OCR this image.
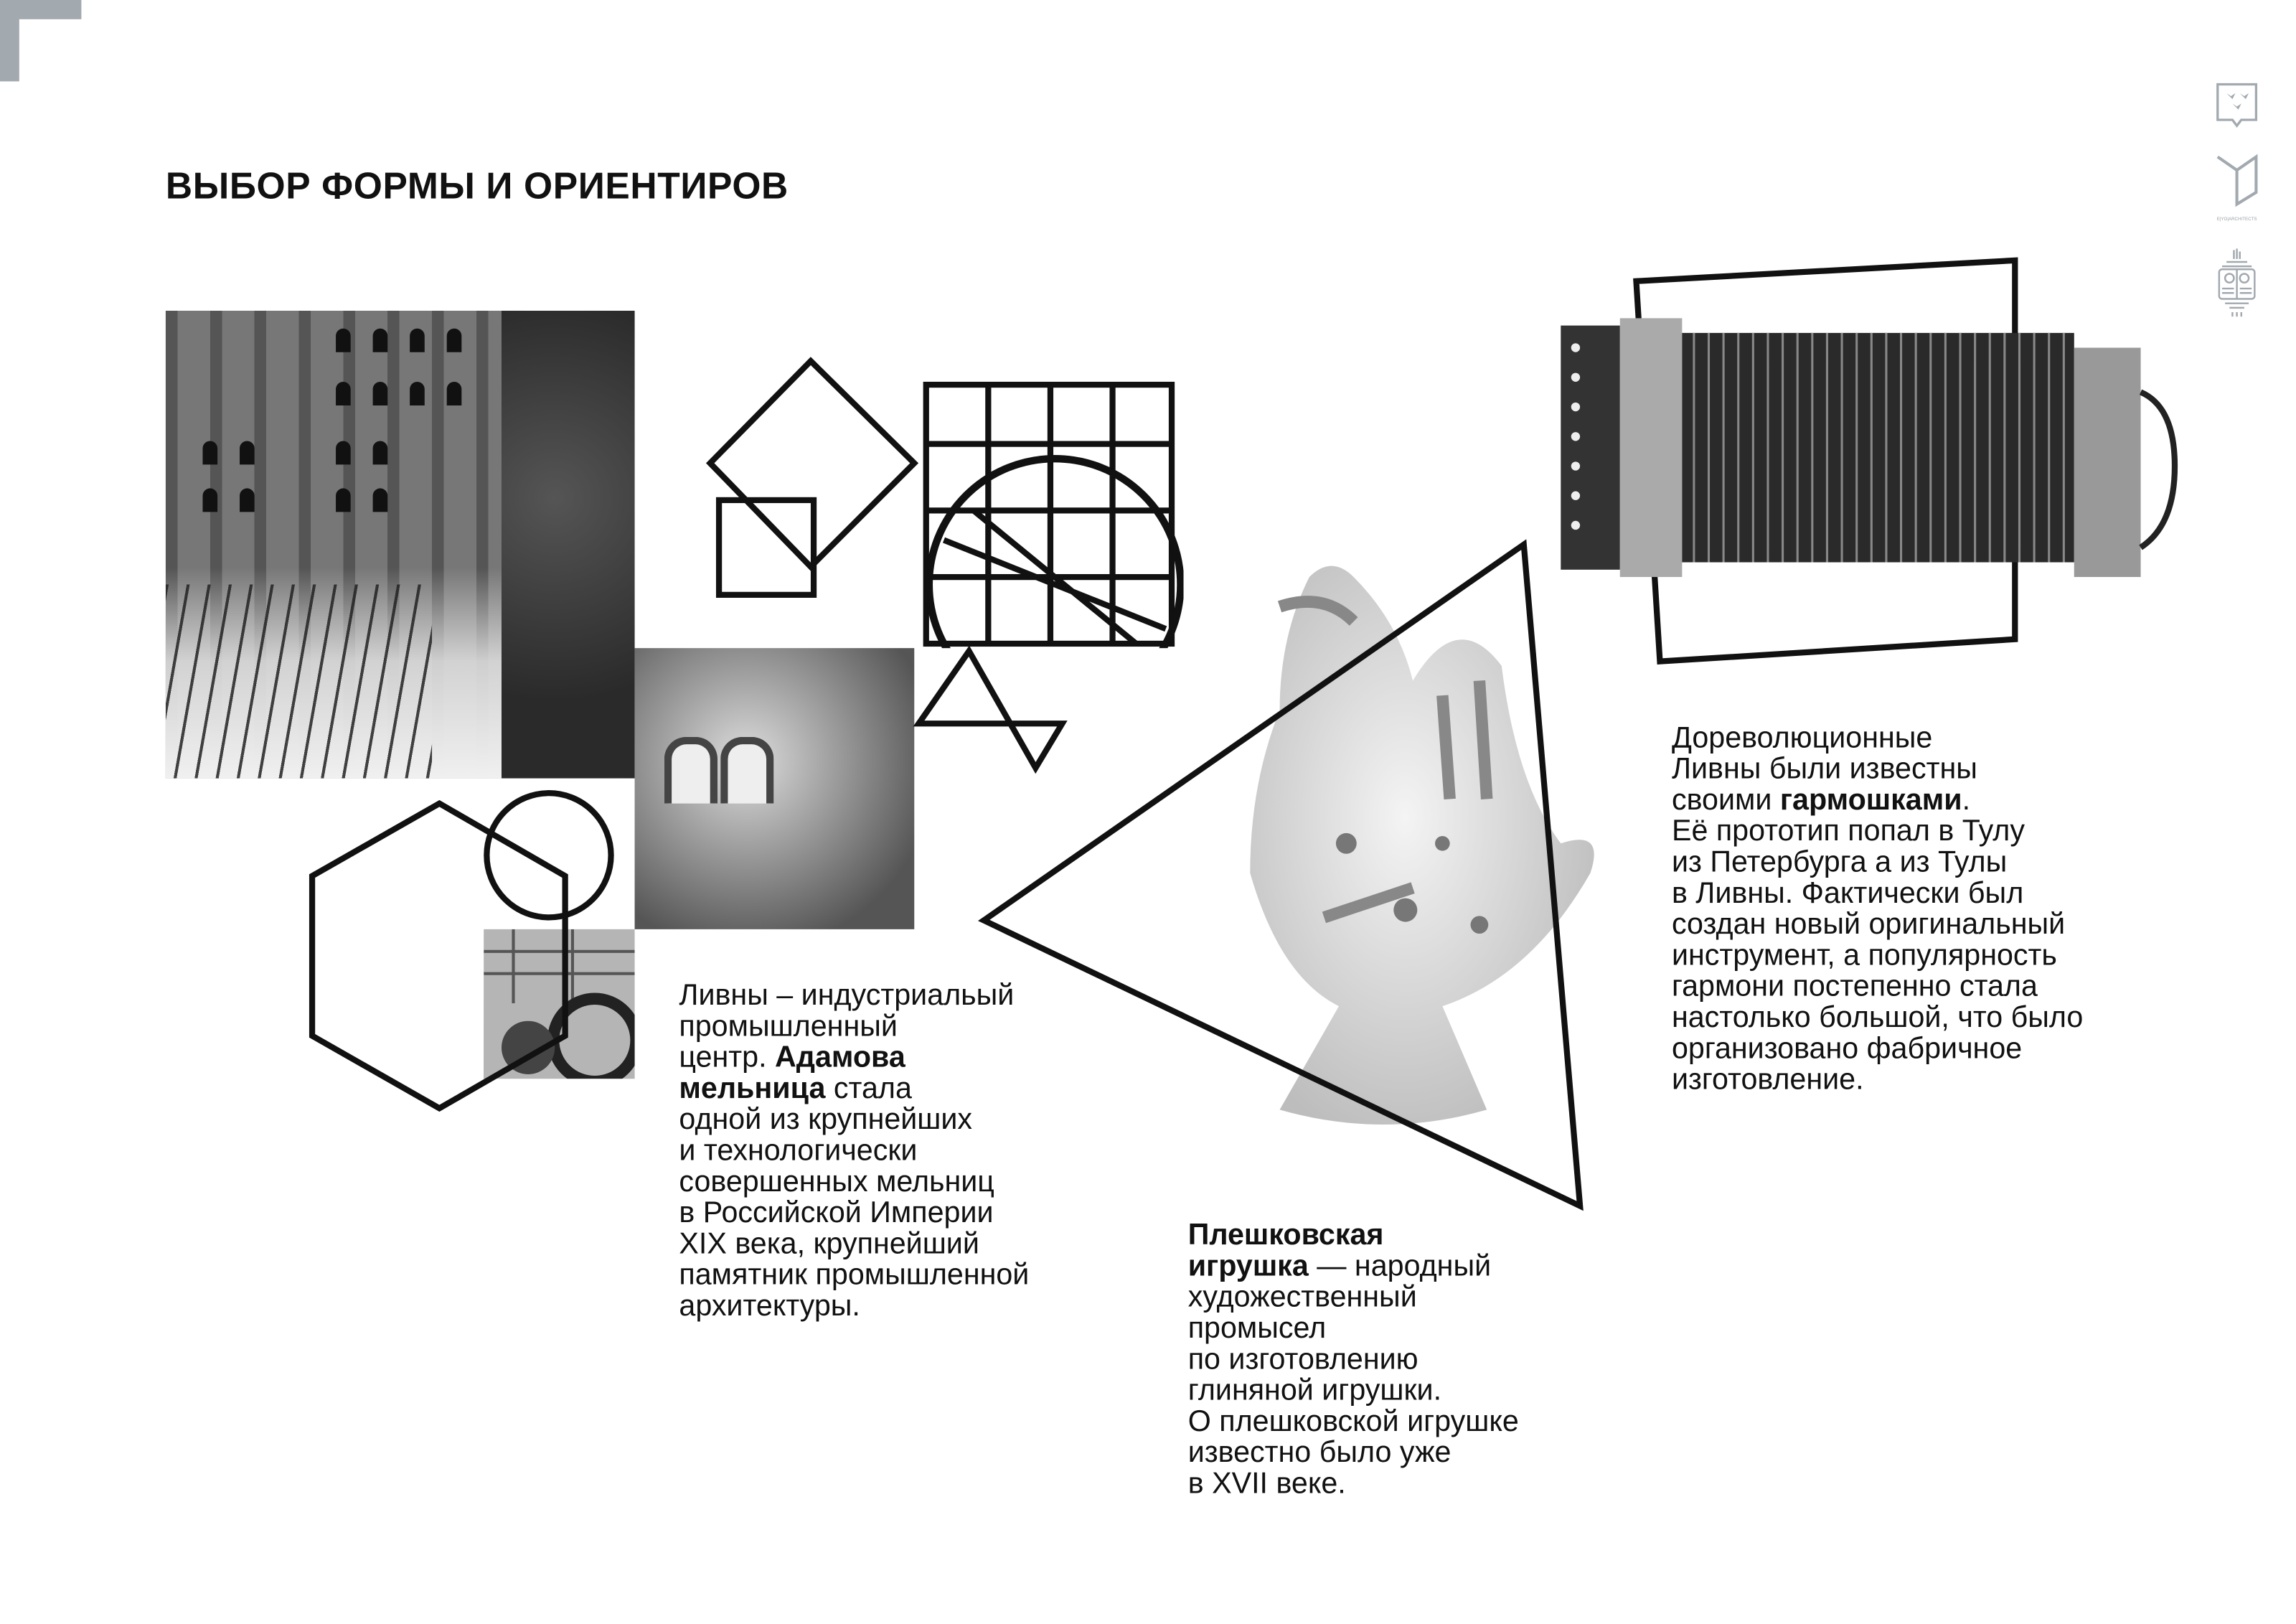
ВЫБОР ФОРМЫ И ОРИЕНТИРОВ
E|YO|ARCHITECTS
Ливны – индустриальый
промышленный
центр. Адамова
мельница стала
одной из крупнейших
и технологически
совершенных мельниц
в Российской Империи
XIX века, крупнейший
памятник промышленной
архитектуры.
Плешковская
игрушка — народный
художественный
промысел
по изготовлению
глиняной игрушки.
О плешковской игрушке
известно было уже
в XVII веке.
Дореволюционные
Ливны были известны
своими гармошками.
Её прототип попал в Тулу
из Петербурга а из Тулы
в Ливны. Фактически был
создан новый оригинальный
инструмент, а популярность
гармони постепенно стала
настолько большой, что было
организовано фабричное
изготовление.
